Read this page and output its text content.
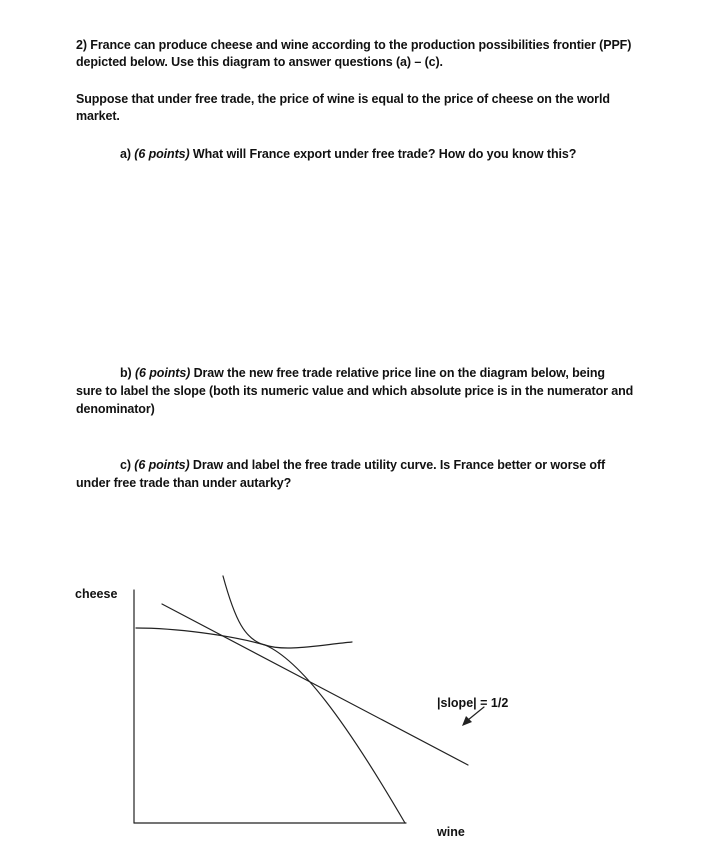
2) France can produce cheese and wine according to the production possibilities frontier (PPF)
depicted below. Use this diagram to answer questions (a) – (c).
Suppose that under free trade, the price of wine is equal to the price of cheese on the world
market.
a) (6 points) What will France export under free trade? How do you know this?
b) (6 points) Draw the new free trade relative price line on the diagram below, being
sure to label the slope (both its numeric value and which absolute price is in the numerator and
denominator)
c) (6 points) Draw and label the free trade utility curve. Is France better or worse off
under free trade than under autarky?
cheese
wine
|slope| = 1/2
